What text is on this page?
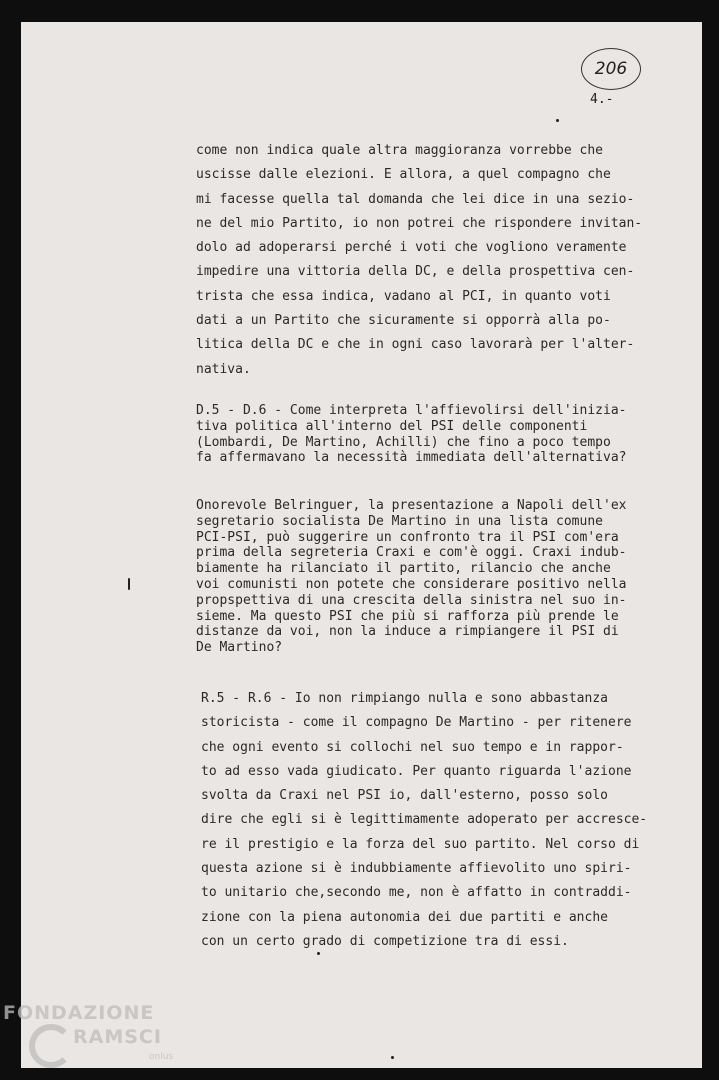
206
4.-
come non indica quale altra maggioranza vorrebbe che
uscisse dalle elezioni. E allora, a quel compagno che
mi facesse quella tal domanda che lei dice in una sezio-
ne del mio Partito, io non potrei che rispondere invitan-
dolo ad adoperarsi perché i voti che vogliono veramente
impedire una vittoria della DC, e della prospettiva cen-
trista che essa indica, vadano al PCI, in quanto voti
dati a un Partito che sicuramente si opporrà alla po-
litica della DC e che in ogni caso lavorarà per l'alter-
nativa.
D.5 - D.6 - Come interpreta l'affievolirsi dell'inizia-
tiva politica all'interno del PSI delle componenti
(Lombardi, De Martino, Achilli) che fino a poco tempo
fa affermavano la necessità immediata dell'alternativa?
Onorevole Belringuer, la presentazione a Napoli dell'ex
segretario socialista De Martino in una lista comune
PCI-PSI, può suggerire un confronto tra il PSI com'era
prima della segreteria Craxi e com'è oggi. Craxi indub-
biamente ha rilanciato il partito, rilancio che anche
voi comunisti non potete che considerare positivo nella
propspettiva di una crescita della sinistra nel suo in-
sieme. Ma questo PSI che più si rafforza più prende le
distanze da voi, non la induce a rimpiangere il PSI di
De Martino?
R.5 - R.6 - Io non rimpiango nulla e sono abbastanza
storicista - come il compagno De Martino - per ritenere
che ogni evento si collochi nel suo tempo e in rappor-
to ad esso vada giudicato. Per quanto riguarda l'azione
svolta da Craxi nel PSI io, dall'esterno, posso solo
dire che egli si è legittimamente adoperato per accresce-
re il prestigio e la forza del suo partito. Nel corso di
questa azione si è indubbiamente affievolito uno spiri-
to unitario che,secondo me, non è affatto in contraddi-
zione con la piena autonomia dei due partiti e anche
con un certo grado di competizione tra di essi.
FONDAZIONE
RAMSCI
onlus
